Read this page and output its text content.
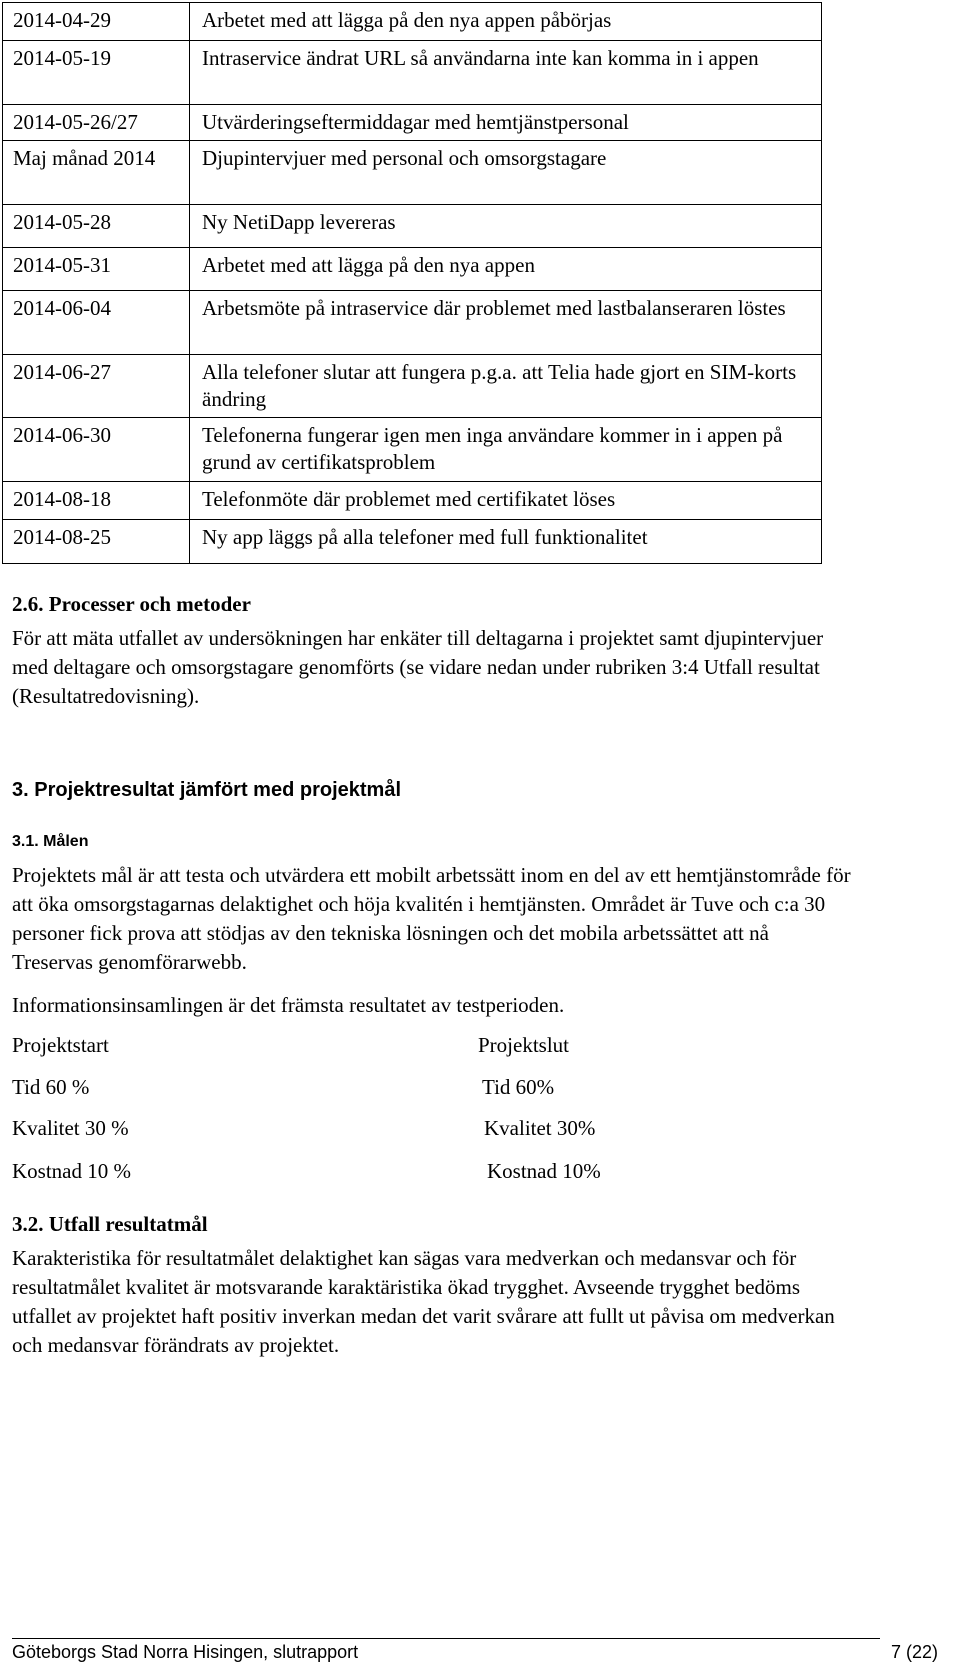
2014-04-29	Arbetet med att lägga på den nya appen påbörjas
2014-05-19	Intraservice ändrat URL så användarna inte kan komma in i appen
2014-05-26/27	Utvärderingseftermiddagar med hemtjänstpersonal
Maj månad 2014	Djupintervjuer med personal och omsorgstagare
2014-05-28	Ny NetiDapp levereras
2014-05-31	Arbetet med att lägga på den nya appen
2014-06-04	Arbetsmöte på intraservice där problemet med lastbalanseraren löstes
2014-06-27	Alla telefoner slutar att fungera p.g.a. att Telia hade gjort en SIM-korts ändring
2014-06-30	Telefonerna fungerar igen men inga användare kommer in i appen på grund av certifikatsproblem
2014-08-18	Telefonmöte där problemet med certifikatet löses
2014-08-25	Ny app läggs på alla telefoner med full funktionalitet
2.6. Processer och metoder
För att mäta utfallet av undersökningen har enkäter till deltagarna i projektet samt djupintervjuer med deltagare och omsorgstagare genomförts (se vidare nedan under rubriken 3:4 Utfall resultat (Resultatredovisning).
3. Projektresultat jämfört med projektmål
3.1. Målen
Projektets mål är att testa och utvärdera ett mobilt arbetssätt inom en del av ett hemtjänstområde för att öka omsorgstagarnas delaktighet och höja kvalitén i hemtjänsten. Området är Tuve och c:a 30 personer fick prova att stödjas av den tekniska lösningen och det mobila arbetssättet att nå Treservas genomförarwebb.
Informationsinsamlingen är det främsta resultatet av testperioden.
Projektstart	Projektslut
Tid 60 %	Tid 60%
Kvalitet 30 %	Kvalitet 30%
Kostnad 10 %	Kostnad 10%
3.2. Utfall resultatmål
Karakteristika för resultatmålet delaktighet kan sägas vara medverkan och medansvar och för resultatmålet kvalitet är motsvarande karaktäristika ökad trygghet. Avseende trygghet bedöms utfallet av projektet haft positiv inverkan medan det varit svårare att fullt ut påvisa om medverkan och medansvar förändrats av projektet.
Göteborgs Stad Norra Hisingen, slutrapport	7 (22)
